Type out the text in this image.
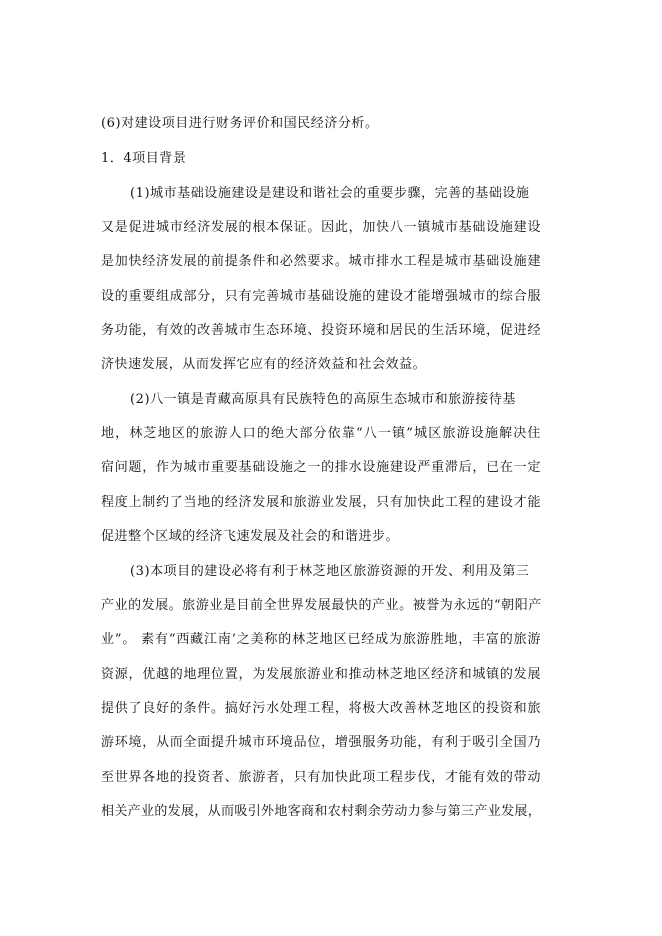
(6)对建设项目进行财务评价和国民经济分析。
1．4项目背景
(1)城市基础设施建设是建设和谐社会的重要步骤，完善的基础设施
又是促进城市经济发展的根本保证。因此，加快八一镇城市基础设施建设
是加快经济发展的前提条件和必然要求。城市排水工程是城市基础设施建
设的重要组成部分，只有完善城市基础设施的建设才能增强城市的综合服
务功能，有效的改善城市生态环境、投资环境和居民的生活环境，促进经
济快速发展，从而发挥它应有的经济效益和社会效益。
(2)八一镇是青藏高原具有民族特色的高原生态城市和旅游接待基
地，林芝地区的旅游人口的绝大部分依靠“八一镇”城区旅游设施解决住
宿问题，作为城市重要基础设施之一的排水设施建设严重滞后，已在一定
程度上制约了当地的经济发展和旅游业发展，只有加快此工程的建设才能
促进整个区域的经济飞速发展及社会的和谐进步。
(3)本项目的建设必将有利于林芝地区旅游资源的开发、利用及第三
产业的发展。旅游业是目前全世界发展最快的产业。被誉为永远的“朝阳产
业”。 素有“西藏江南’之美称的林芝地区已经成为旅游胜地，丰富的旅游
资源，优越的地理位置，为发展旅游业和推动林芝地区经济和城镇的发展
提供了良好的条件。搞好污水处理工程，将极大改善林芝地区的投资和旅
游环境，从而全面提升城市环境品位，增强服务功能，有利于吸引全国乃
至世界各地的投资者、旅游者，只有加快此项工程步伐，才能有效的带动
相关产业的发展，从而吸引外地客商和农村剩余劳动力参与第三产业发展，
